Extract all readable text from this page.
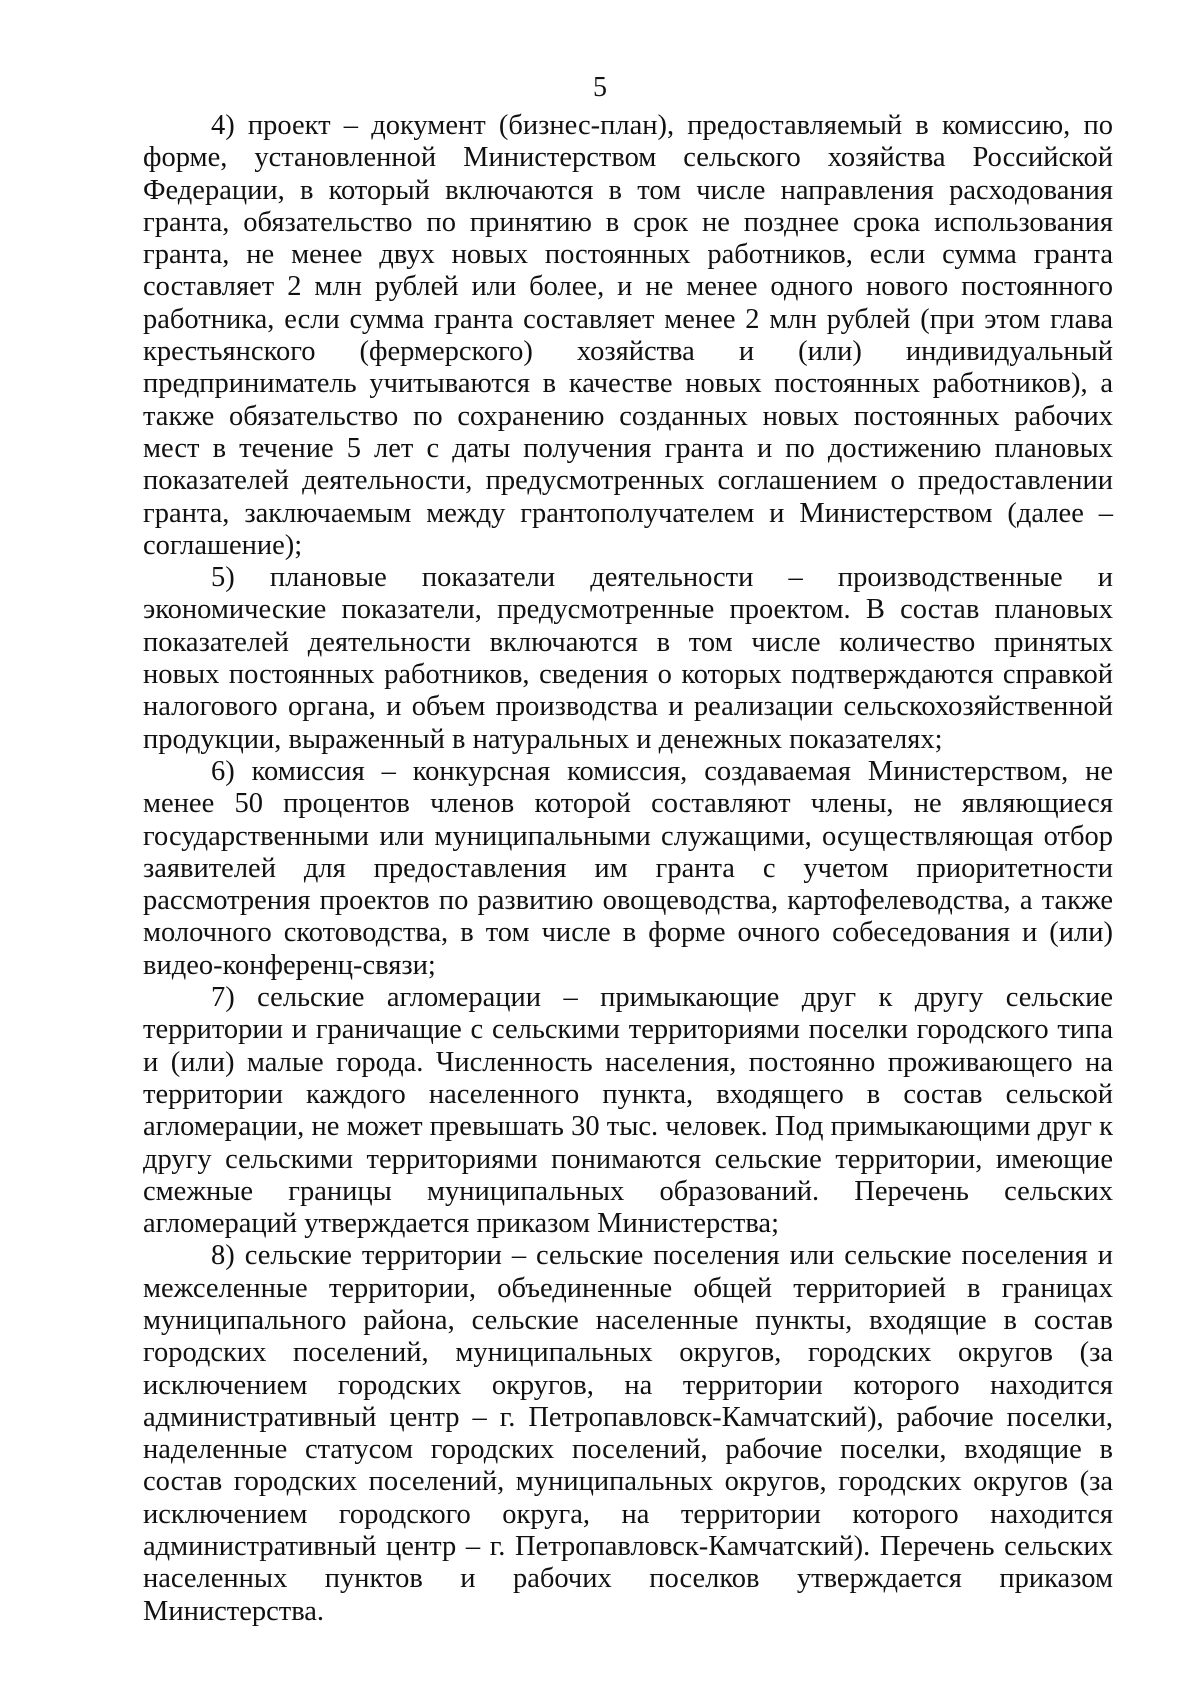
5

4) проект – документ (бизнес-план), предоставляемый в комиссию, по форме, установленной Министерством сельского хозяйства Российской Федерации, в который включаются в том числе направления расходования гранта, обязательство по принятию в срок не позднее срока использования гранта, не менее двух новых постоянных работников, если сумма гранта составляет 2 млн рублей или более, и не менее одного нового постоянного работника, если сумма гранта составляет менее 2 млн рублей (при этом глава крестьянского (фермерского) хозяйства и (или) индивидуальный предприниматель учитываются в качестве новых постоянных работников), а также обязательство по сохранению созданных новых постоянных рабочих мест в течение 5 лет с даты получения гранта и по достижению плановых показателей деятельности, предусмотренных соглашением о предоставлении гранта, заключаемым между грантополучателем и Министерством (далее – соглашение);

5) плановые показатели деятельности – производственные и экономические показатели, предусмотренные проектом. В состав плановых показателей деятельности включаются в том числе количество принятых новых постоянных работников, сведения о которых подтверждаются справкой налогового органа, и объем производства и реализации сельскохозяйственной продукции, выраженный в натуральных и денежных показателях;

6) комиссия – конкурсная комиссия, создаваемая Министерством, не менее 50 процентов членов которой составляют члены, не являющиеся государственными или муниципальными служащими, осуществляющая отбор заявителей для предоставления им гранта с учетом приоритетности рассмотрения проектов по развитию овощеводства, картофелеводства, а также молочного скотоводства, в том числе в форме очного собеседования и (или) видео-конференц-связи;

7) сельские агломерации – примыкающие друг к другу сельские территории и граничащие с сельскими территориями поселки городского типа и (или) малые города. Численность населения, постоянно проживающего на территории каждого населенного пункта, входящего в состав сельской агломерации, не может превышать 30 тыс. человек. Под примыкающими друг к другу сельскими территориями понимаются сельские территории, имеющие смежные границы муниципальных образований. Перечень сельских агломераций утверждается приказом Министерства;

8) сельские территории – сельские поселения или сельские поселения и межселенные территории, объединенные общей территорией в границах муниципального района, сельские населенные пункты, входящие в состав городских поселений, муниципальных округов, городских округов (за исключением городских округов, на территории которого находится административный центр – г. Петропавловск-Камчатский), рабочие поселки, наделенные статусом городских поселений, рабочие поселки, входящие в состав городских поселений, муниципальных округов, городских округов (за исключением городского округа, на территории которого находится административный центр – г. Петропавловск-Камчатский). Перечень сельских населенных пунктов и рабочих поселков утверждается приказом Министерства.
